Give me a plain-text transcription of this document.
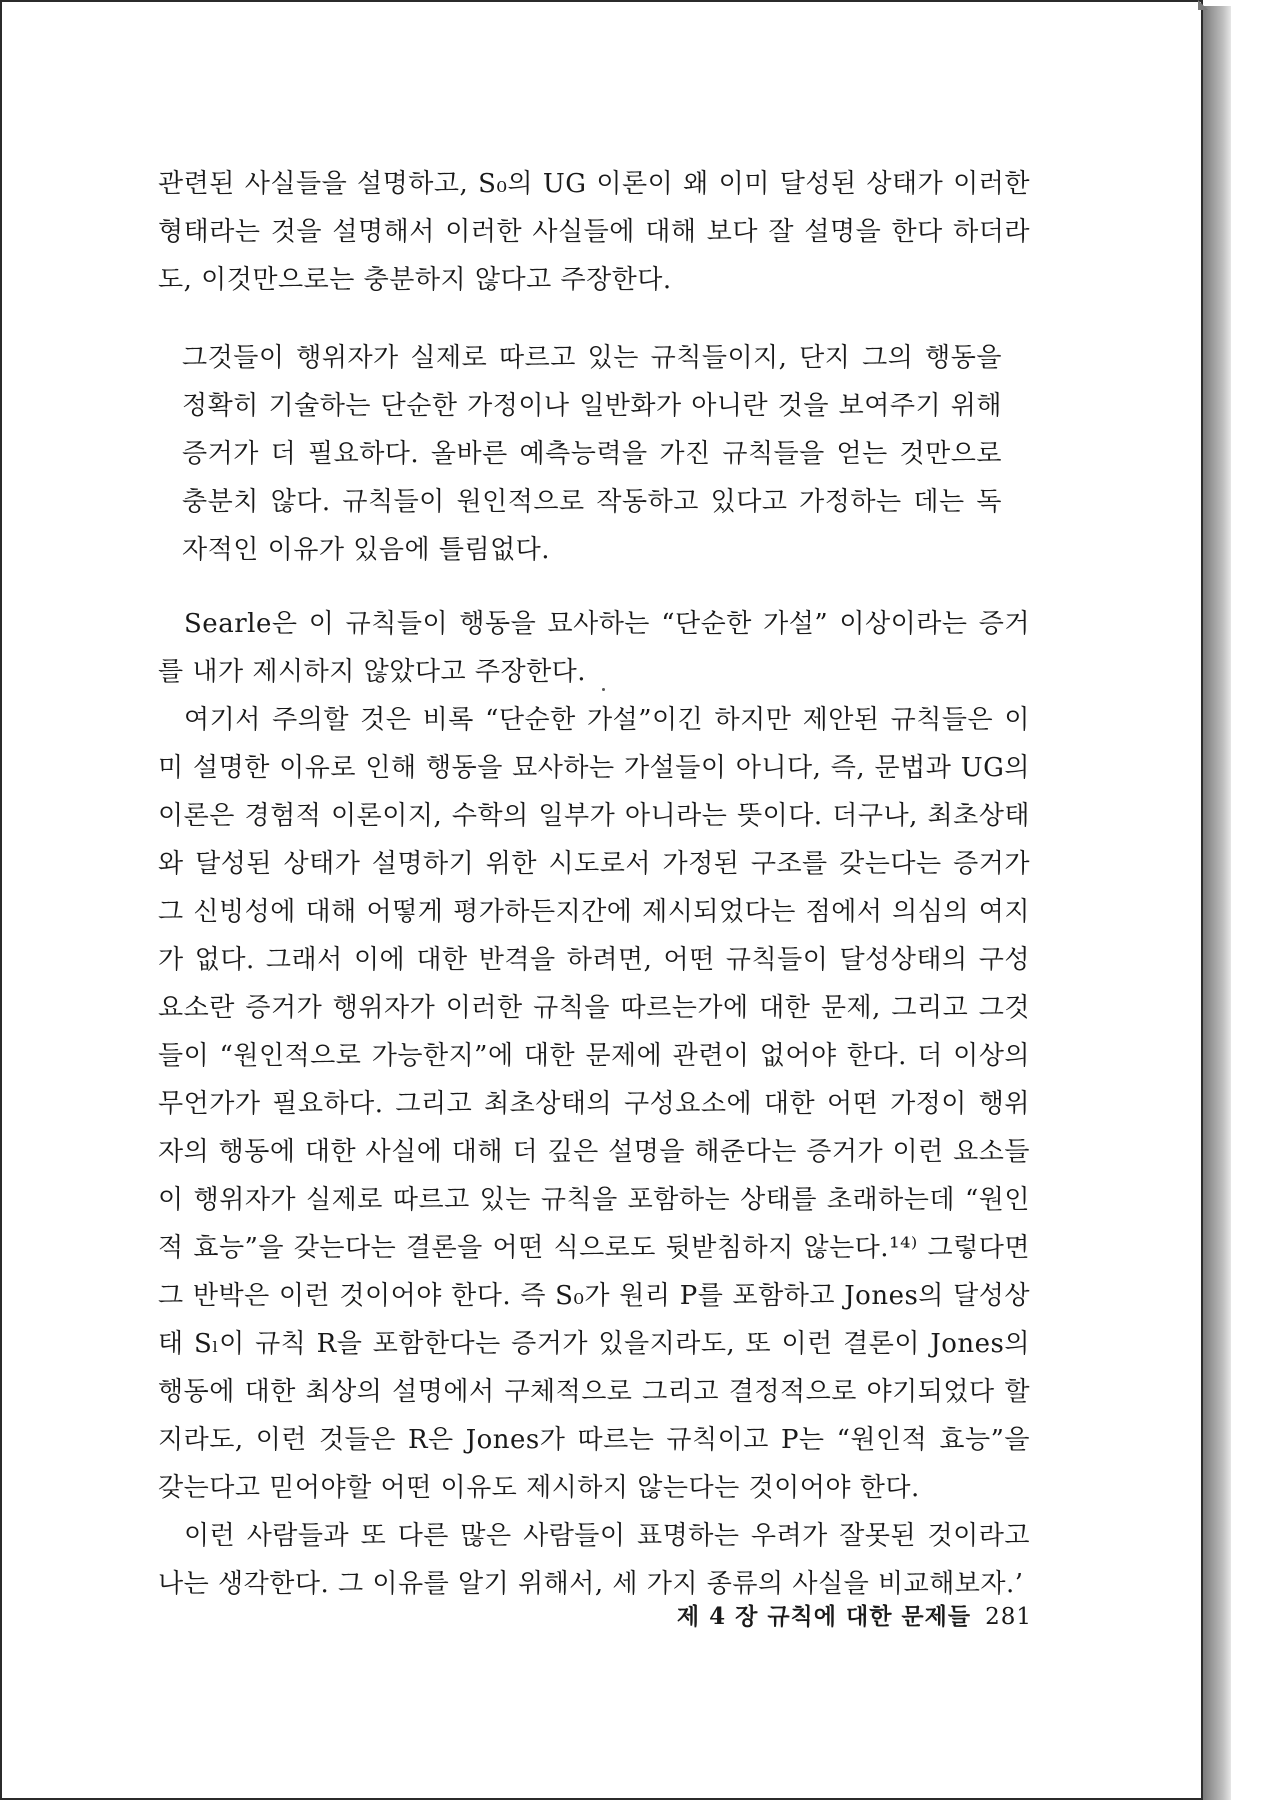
관련된 사실들을 설명하고, S₀의 UG 이론이 왜 이미 달성된 상태가 이러한 형태라는 것을 설명해서 이러한 사실들에 대해 보다 잘 설명을 한다 하더라도, 이것만으로는 충분하지 않다고 주장한다.

그것들이 행위자가 실제로 따르고 있는 규칙들이지, 단지 그의 행동을 정확히 기술하는 단순한 가정이나 일반화가 아니란 것을 보여주기 위해 증거가 더 필요하다. 올바른 예측능력을 가진 규칙들을 얻는 것만으로 충분치 않다. 규칙들이 원인적으로 작동하고 있다고 가정하는 데는 독자적인 이유가 있음에 틀림없다.

Searle은 이 규칙들이 행동을 묘사하는 “단순한 가설” 이상이라는 증거를 내가 제시하지 않았다고 주장한다.

여기서 주의할 것은 비록 “단순한 가설”이긴 하지만 제안된 규칙들은 이미 설명한 이유로 인해 행동을 묘사하는 가설들이 아니다, 즉, 문법과 UG의 이론은 경험적 이론이지, 수학의 일부가 아니라는 뜻이다. 더구나, 최초상태와 달성된 상태가 설명하기 위한 시도로서 가정된 구조를 갖는다는 증거가 그 신빙성에 대해 어떻게 평가하든지간에 제시되었다는 점에서 의심의 여지가 없다. 그래서 이에 대한 반격을 하려면, 어떤 규칙들이 달성상태의 구성요소란 증거가 행위자가 이러한 규칙을 따르는가에 대한 문제, 그리고 그것들이 “원인적으로 가능한지”에 대한 문제에 관련이 없어야 한다. 더 이상의 무언가가 필요하다. 그리고 최초상태의 구성요소에 대한 어떤 가정이 행위자의 행동에 대한 사실에 대해 더 깊은 설명을 해준다는 증거가 이런 요소들이 행위자가 실제로 따르고 있는 규칙을 포함하는 상태를 초래하는데 “원인적 효능”을 갖는다는 결론을 어떤 식으로도 뒷받침하지 않는다.¹⁴⁾ 그렇다면 그 반박은 이런 것이어야 한다. 즉 S₀가 원리 P를 포함하고 Jones의 달성상태 Sₗ이 규칙 R을 포함한다는 증거가 있을지라도, 또 이런 결론이 Jones의 행동에 대한 최상의 설명에서 구체적으로 그리고 결정적으로 야기되었다 할지라도, 이런 것들은 R은 Jones가 따르는 규칙이고 P는 “원인적 효능”을 갖는다고 믿어야할 어떤 이유도 제시하지 않는다는 것이어야 한다.

이런 사람들과 또 다른 많은 사람들이 표명하는 우려가 잘못된 것이라고 나는 생각한다. 그 이유를 알기 위해서, 세 가지 종류의 사실을 비교해보자.’

제 4 장 규칙에 대한 문제들 281
